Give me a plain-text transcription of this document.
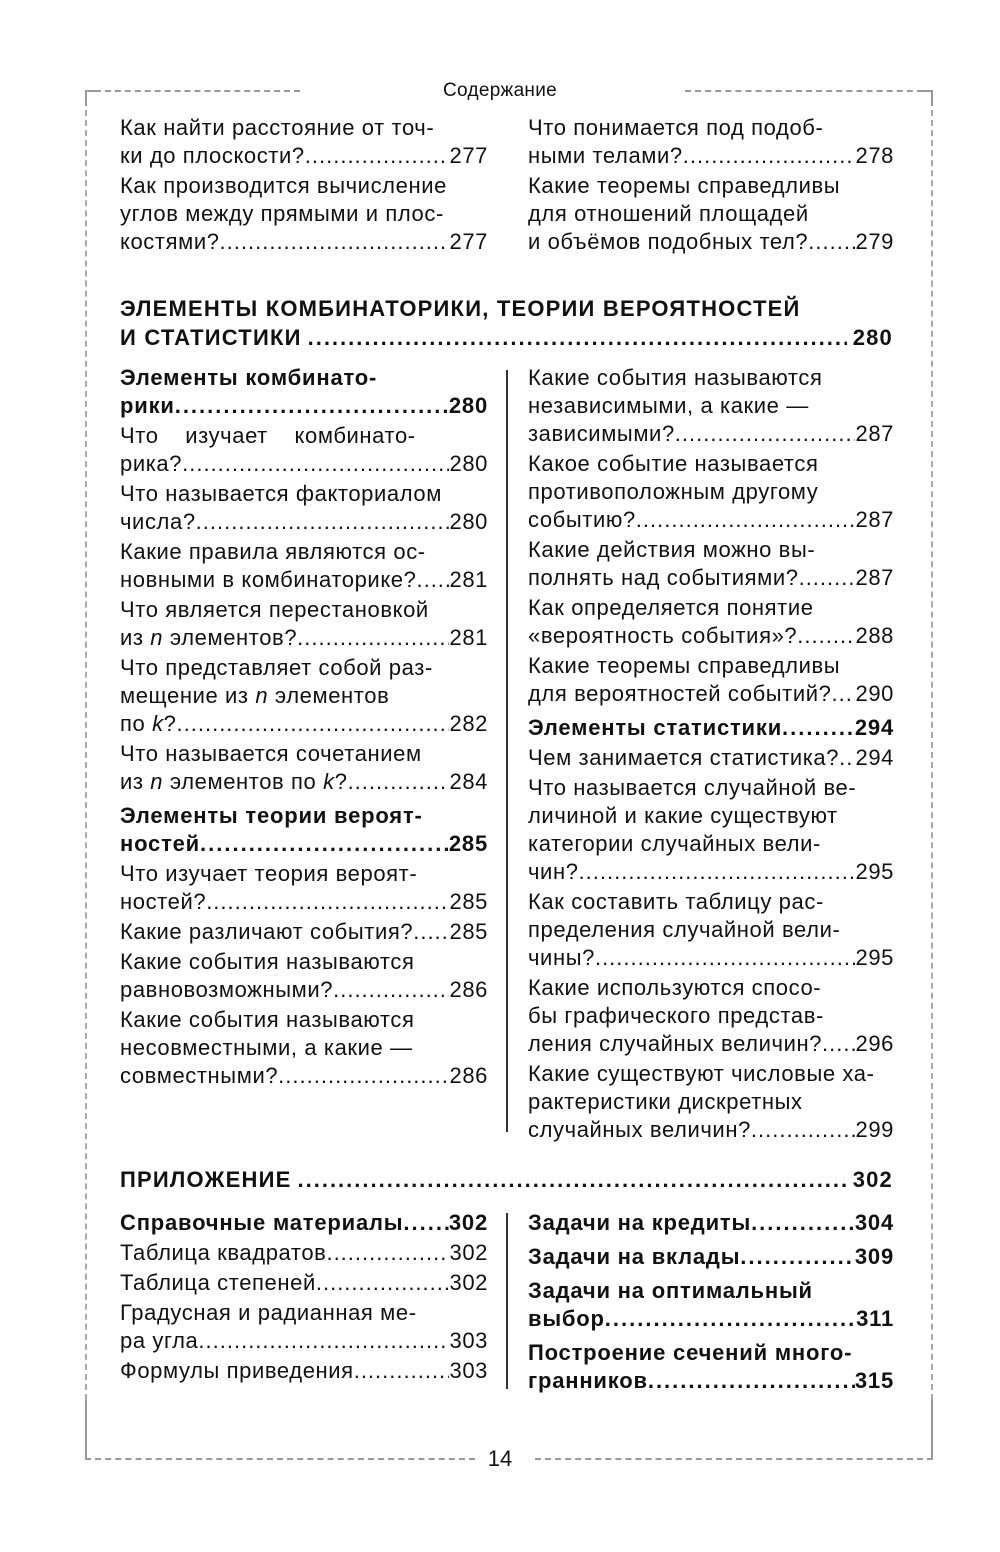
Содержание
14
Как найти расстояние от точ-
ки до плоскости? .....	277
Как производится вычисление
углов между прямыми и плос-
костями? .....	277
Что понимается под подоб-
ными телами? .....	278
Какие теоремы справедливы
для отношений площадей
и объёмов подобных тел? ..... 279
ЭЛЕМЕНТЫ КОМБИНАТОРИКИ, ТЕОРИИ ВЕРОЯТНОСТЕЙ
И СТАТИСТИКИ .....	280
Элементы комбинато-
рики .....	280
Что изучает комбинато-
рика? .....	280
Что называется факториалом
числа? .....	280
Какие правила являются ос-
новными в комбинаторике? ..... 281
Что является перестановкой
из n элементов? .....	281
Что представляет собой раз-
мещение из n элементов
по k? .....	282
Что называется сочетанием
из n элементов по k? .....	284
Элементы теории вероят-
ностей .....	285
Что изучает теория вероят-
ностей? .....	285
Какие различают события? ..... 285
Какие события называются
равновозможными? .....	286
Какие события называются
несовместными, а какие —
совместными? .....	286
Какие события называются
независимыми, а какие —
зависимыми? .....	287
Какое событие называется
противоположным другому
событию? .....	287
Какие действия можно вы-
полнять над событиями? .....	287
Как определяется понятие
«вероятность события»? .....	288
Какие теоремы справедливы
для вероятностей событий? ..... 290
Элементы статистики .....	294
Чем занимается статистика? ..... 294
Что называется случайной ве-
личиной и какие существуют
категории случайных вели-
чин? .....	295
Как составить таблицу рас-
пределения случайной вели-
чины? .....	295
Какие используются спосо-
бы графического представ-
ления случайных величин? ..... 296
Какие существуют числовые ха-
рактеристики дискретных
случайных величин? .....	299
ПРИЛОЖЕНИЕ .....	302
Справочные материалы ..... 302
Таблица квадратов .....	302
Таблица степеней .....	302
Градусная и радианная ме-
ра угла .....	303
Формулы приведения .....	303
Задачи на кредиты .....	304
Задачи на вклады .....	309
Задачи на оптимальный
выбор .....	311
Построение сечений много-
гранников .....	315
